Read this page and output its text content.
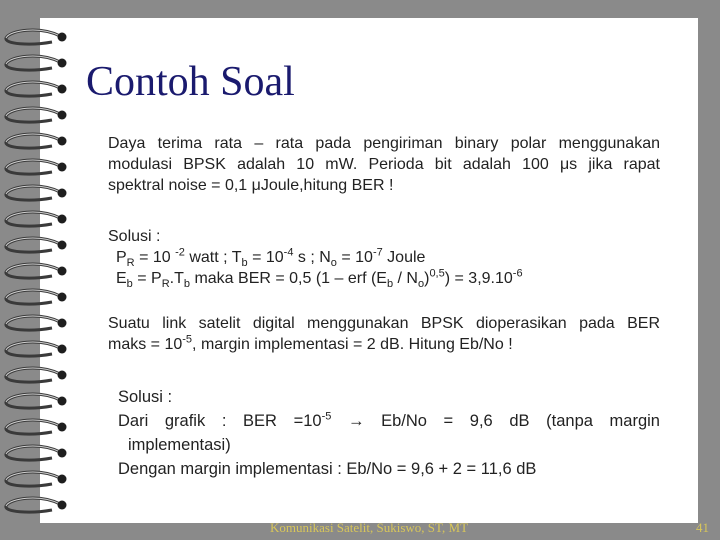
Contoh Soal
Daya terima rata – rata pada pengiriman binary polar menggunakan
modulasi BPSK adalah 10 mW. Perioda bit adalah 100 μs jika rapat
spektral noise = 0,1 μJoule,hitung BER !
Solusi :
$P_R = 10$ $^{-2}$ watt ; $T_b = 10^{-4}$ s ; $N_o = 10^{-7}$ Joule
$E_b = P_R.T_b$ maka BER = 0,5 (1 – erf $(E_b / N_o)^{0,5}) = 3,9.10^{-6}$
Suatu link satelit digital menggunakan BPSK dioperasikan pada BER
maks = $10^{-5}$, margin implementasi = 2 dB. Hitung Eb/No !
Solusi :
Dari grafik : BER $=10^{-5} \to Eb/No = 9,6$ dB (tanpa margin
implementasi)
Dengan margin implementasi : Eb/No = 9,6 + 2 = 11,6 dB
Komunikasi Satelit, Sukiswo, ST, MT	41
